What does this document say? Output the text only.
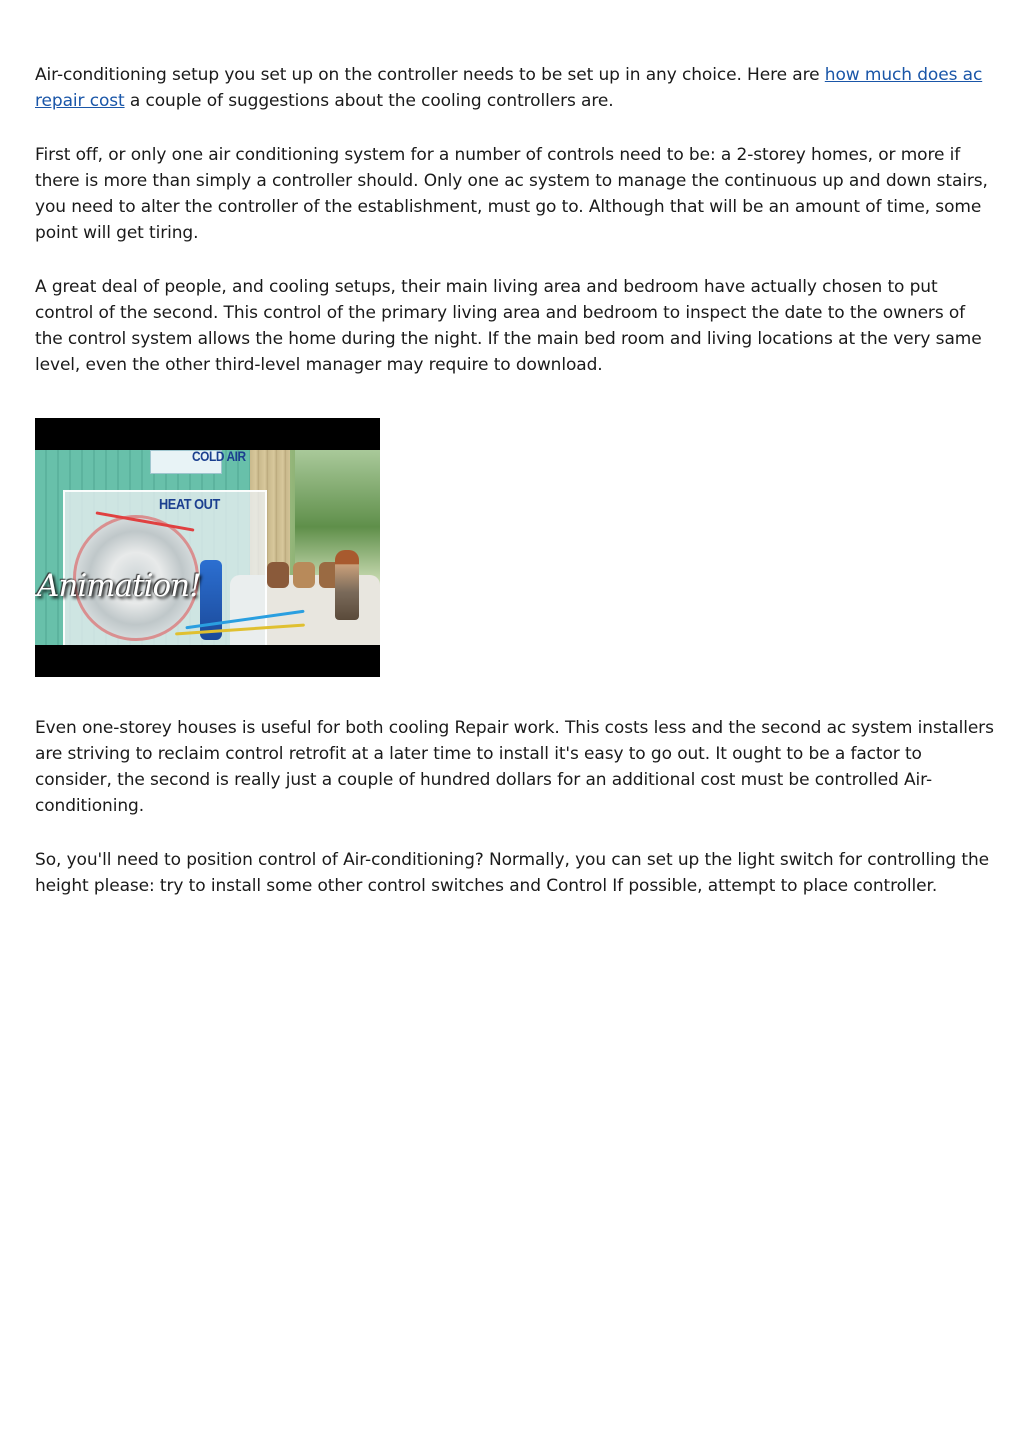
Air-conditioning setup you set up on the controller needs to be set up in any choice. Here are how much does ac repair cost a couple of suggestions about the cooling controllers are.

First off, or only one air conditioning system for a number of controls need to be: a 2-storey homes, or more if there is more than simply a controller should. Only one ac system to manage the continuous up and down stairs, you need to alter the controller of the establishment, must go to. Although that will be an amount of time, some point will get tiring.

A great deal of people, and cooling setups, their main living area and bedroom have actually chosen to put control of the second. This control of the primary living area and bedroom to inspect the date to the owners of the control system allows the home during the night. If the main bed room and living locations at the very same level, even the other third-level manager may require to download.

COLD AIR
HEAT OUT
Animation!

Even one-storey houses is useful for both cooling Repair work. This costs less and the second ac system installers are striving to reclaim control retrofit at a later time to install it's easy to go out. It ought to be a factor to consider, the second is really just a couple of hundred dollars for an additional cost must be controlled Air-conditioning.

So, you'll need to position control of Air-conditioning? Normally, you can set up the light switch for controlling the height please: try to install some other control switches and Control If possible, attempt to place controller.
